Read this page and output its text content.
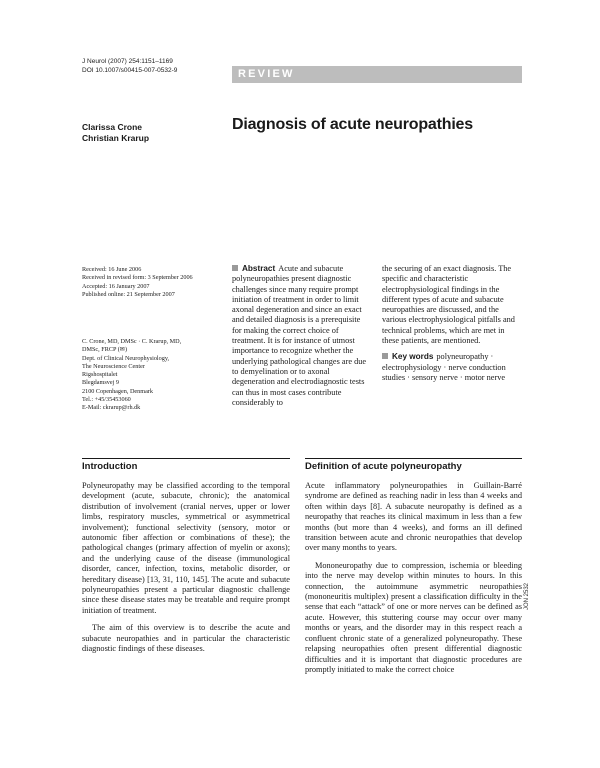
J Neurol (2007) 254:1151–1169
DOI 10.1007/s00415-007-0532-9	REVIEW
Clarissa Crone
Christian Krarup
Diagnosis of acute neuropathies
Received: 16 June 2006
Received in revised form: 3 September 2006
Accepted: 16 January 2007
Published online: 21 September 2007
C. Crone, MD, DMSc · C. Krarup, MD,
DMSc, FRCP (✉)
Dept. of Clinical Neurophysiology,
The Neuroscience Center
Rigshospitalet
Blegdamsvej 9
2100 Copenhagen, Denmark
Tel.: +45/35453060
E-Mail: ckrarup@rh.dk
Abstract Acute and subacute polyneuropathies present diagnostic challenges since many require prompt initiation of treatment in order to limit axonal degeneration and since an exact and detailed diagnosis is a prerequisite for making the correct choice of treatment. It is for instance of utmost importance to recognize whether the underlying pathological changes are due to demyelination or to axonal degeneration and electrodiagnostic tests can thus in most cases contribute considerably to
the securing of an exact diagnosis. The specific and characteristic electrophysiological findings in the different types of acute and subacute neuropathies are discussed, and the various electrophysiological pitfalls and technical problems, which are met in these patients, are mentioned.
Key words polyneuropathy · electrophysiology · nerve conduction studies · sensory nerve · motor nerve
Introduction	Definition of acute polyneuropathy

Polyneuropathy may be classified according to the temporal development (acute, subacute, chronic); the anatomical distribution of involvement (cranial nerves, upper or lower limbs, respiratory muscles, symmetrical or asymmetrical involvement); functional selectivity (sensory, motor or autonomic fiber affection or combinations of these); the pathological changes (primary affection of myelin or axons); and the underlying cause of the disease (immunological disorder, cancer, infection, toxins, metabolic disorder, or hereditary disease) [13, 31, 110, 145]. The acute and subacute polyneuropathies present a particular diagnostic challenge since these disease states may be treatable and require prompt initiation of treatment.

The aim of this overview is to describe the acute and subacute neuropathies and in particular the characteristic diagnostic findings of these diseases.

Acute inflammatory polyneuropathies in Guillain-Barré syndrome are defined as reaching nadir in less than 4 weeks and often within days [8]. A subacute neuropathy is defined as a neuropathy that reaches its clinical maximum in less than a few months (but more than 4 weeks), and forms an ill defined transition between acute and chronic neuropathies that develop over many months to years.

Mononeuropathy due to compression, ischemia or bleeding into the nerve may develop within minutes to hours. In this connection, the autoimmune asymmetric neuropathies (mononeuritis multiplex) present a classification difficulty in the sense that each “attack” of one or more nerves can be defined as acute. However, this stuttering course may occur over many months or years, and the disorder may in this respect reach a confluent chronic state of a generalized polyneuropathy. These relapsing neuropathies often present differential diagnostic difficulties and it is important that diagnostic procedures are promptly initiated to make the correct choice

JON 2532
